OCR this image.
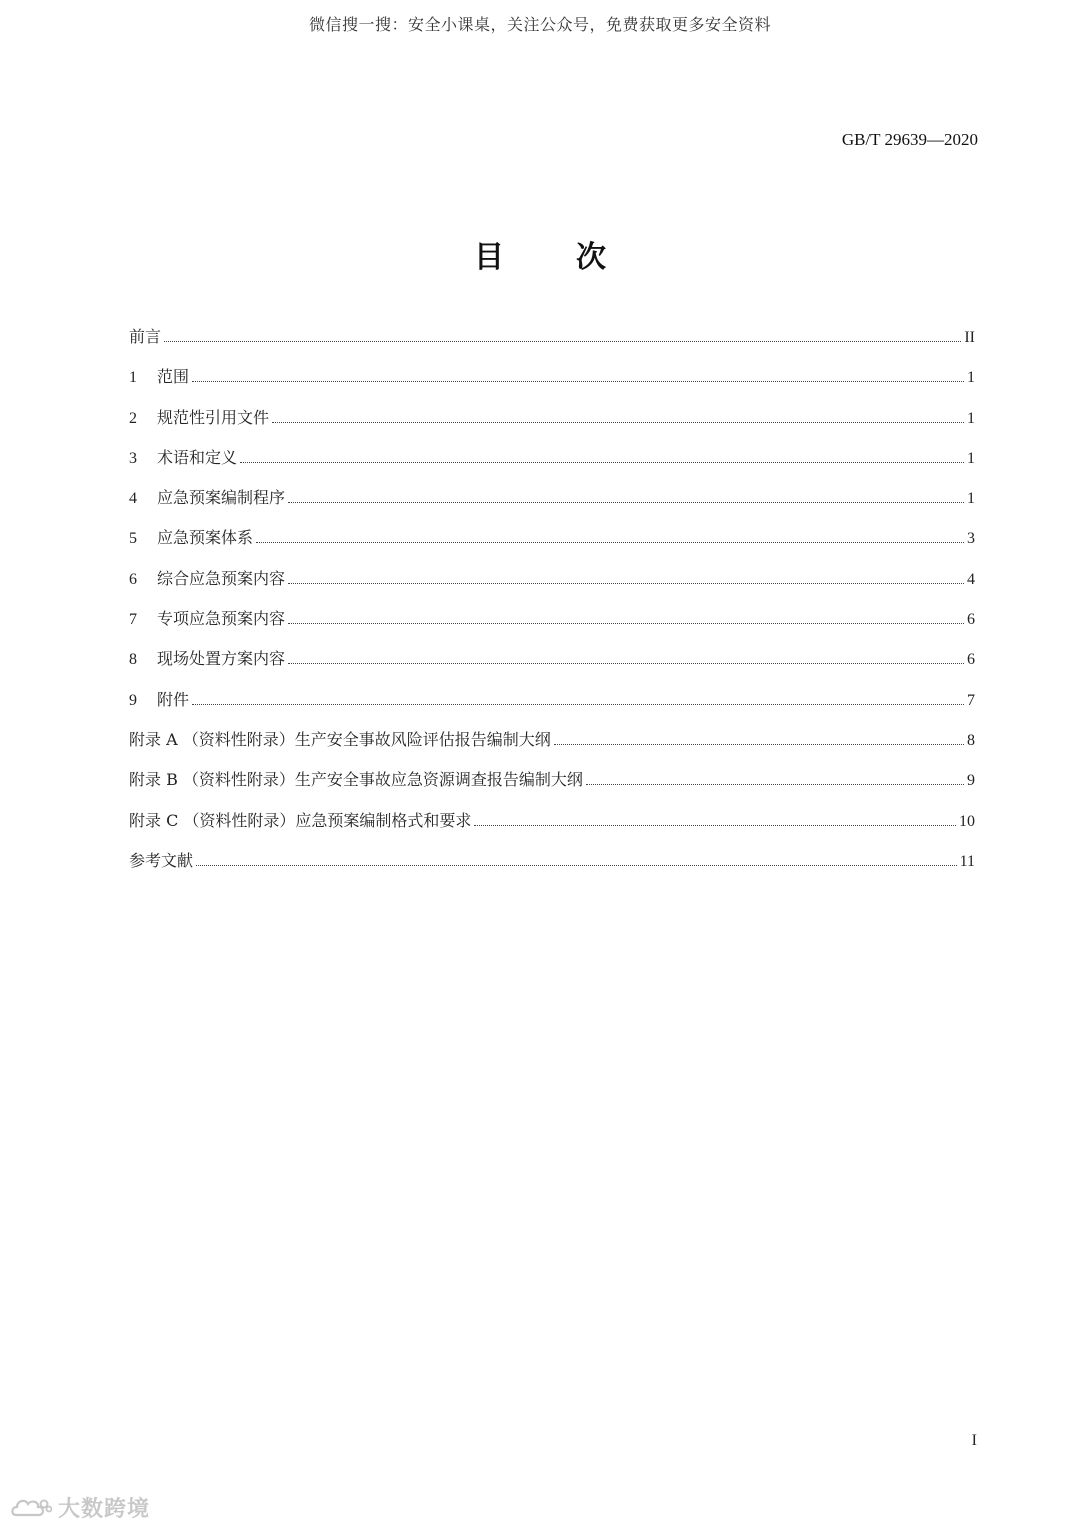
微信搜一搜：安全小课桌，关注公众号，免费获取更多安全资料
GB/T 29639—2020
目次
前言	II
1	范围	1
2	规范性引用文件	1
3	术语和定义	1
4	应急预案编制程序	1
5	应急预案体系	3
6	综合应急预案内容	4
7	专项应急预案内容	6
8	现场处置方案内容	6
9	附件	7
附录 A （资料性附录）生产安全事故风险评估报告编制大纲	8
附录 B （资料性附录）生产安全事故应急资源调查报告编制大纲	9
附录 C （资料性附录）应急预案编制格式和要求	10
参考文献	11
I
大数跨境
